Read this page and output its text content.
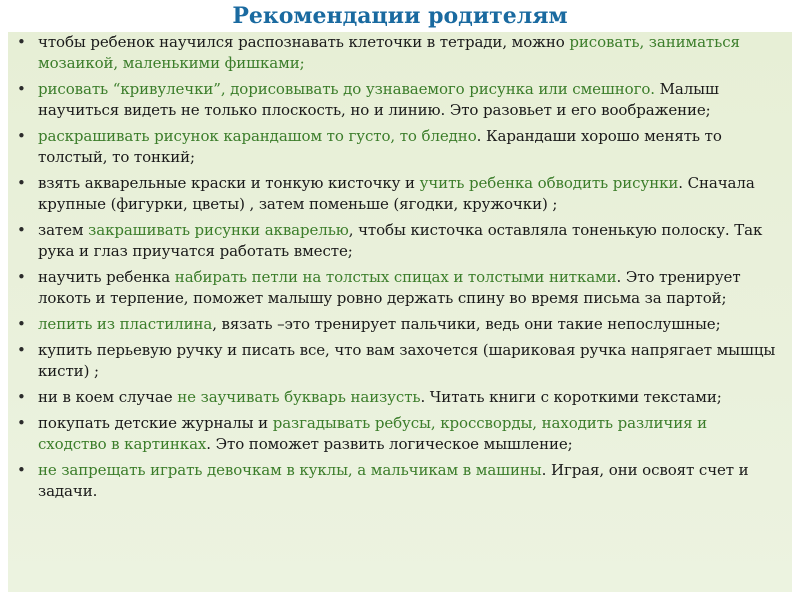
Рекомендации родителям
• чтобы ребенок научился распознавать клеточки в тетради, можно рисовать, заниматься мозаикой, маленькими фишками;
• рисовать “кривулечки”, дорисовывать до узнаваемого рисунка или смешного. Малыш научиться видеть не только плоскость, но и линию. Это разовьет и его воображение;
• раскрашивать рисунок карандашом то густо, то бледно. Карандаши хорошо менять то толстый, то тонкий;
• взять акварельные краски и тонкую кисточку и учить ребенка обводить рисунки. Сначала крупные (фигурки, цветы) , затем поменьше (ягодки, кружочки) ;
• затем закрашивать рисунки акварелью, чтобы кисточка оставляла тоненькую полоску. Так рука и глаз приучатся работать вместе;
• научить ребенка набирать петли на толстых спицах и толстыми нитками. Это тренирует локоть и терпение, поможет малышу ровно держать спину во время письма за партой;
• лепить из пластилина, вязать –это тренирует пальчики, ведь они такие непослушные;
• купить перьевую ручку и писать все, что вам захочется (шариковая ручка напрягает мышцы кисти) ;
• ни в коем случае не заучивать букварь наизусть. Читать книги с короткими текстами;
• покупать детские журналы и разгадывать ребусы, кроссворды, находить различия и сходство в картинках. Это поможет развить логическое мышление;
• не запрещать играть девочкам в куклы, а мальчикам в машины. Играя, они освоят счет и задачи.
